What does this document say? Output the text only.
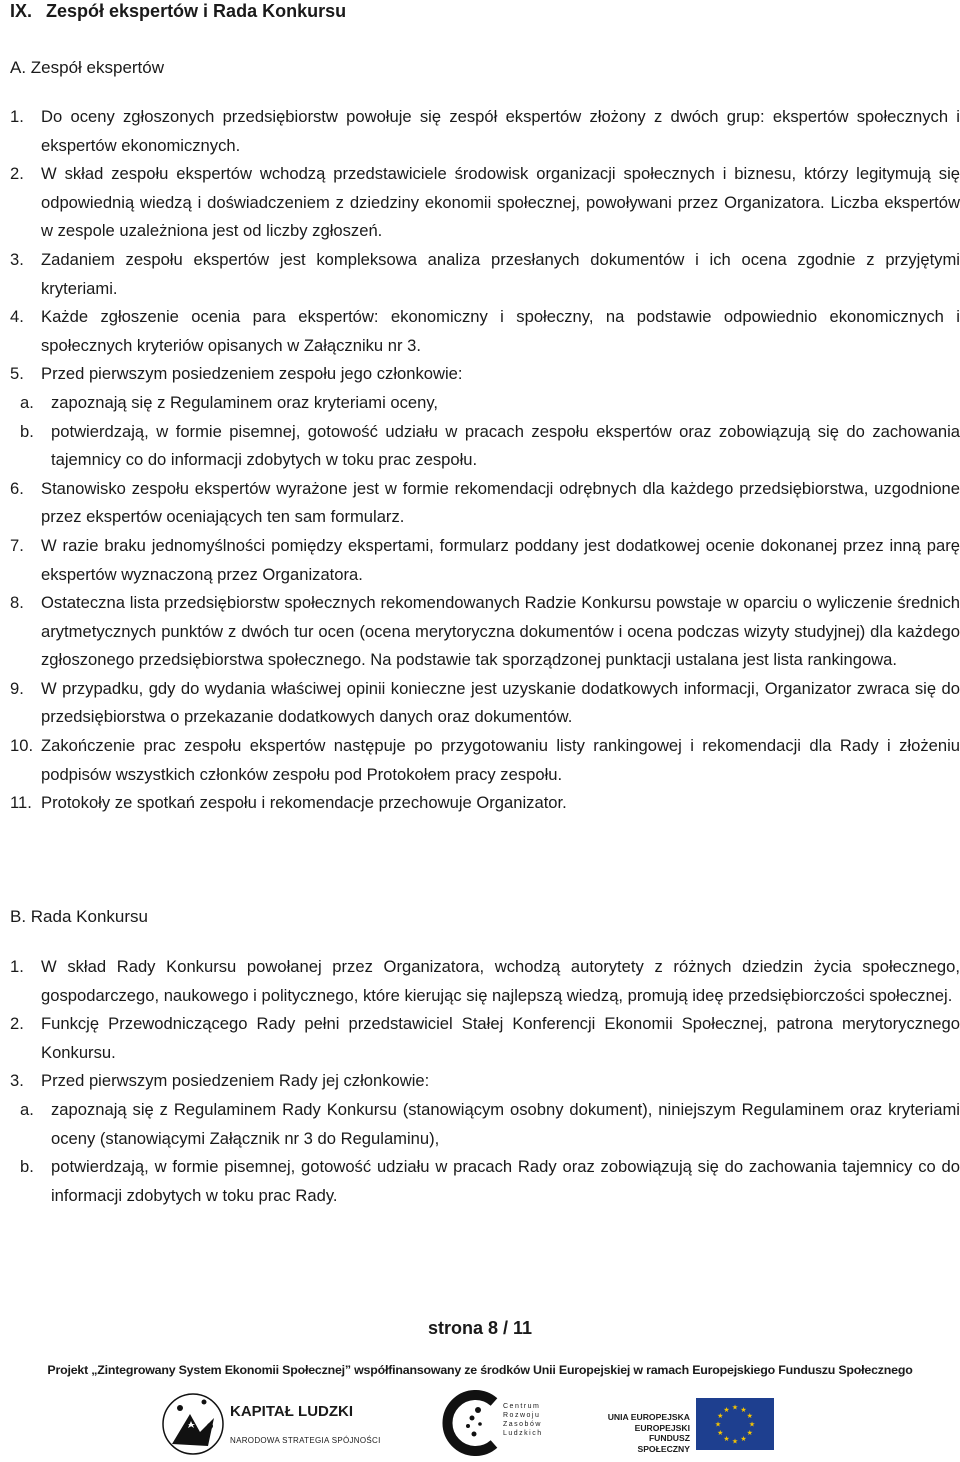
IX. Zespół ekspertów i Rada Konkursu
A. Zespół ekspertów
1. Do oceny zgłoszonych przedsiębiorstw powołuje się zespół ekspertów złożony z dwóch grup: ekspertów społecznych i ekspertów ekonomicznych.
2. W skład zespołu ekspertów wchodzą przedstawiciele środowisk organizacji społecznych i biznesu, którzy legitymują się odpowiednią wiedzą i doświadczeniem z dziedziny ekonomii społecznej, powoływani przez Organizatora. Liczba ekspertów w zespole uzależniona jest od liczby zgłoszeń.
3. Zadaniem zespołu ekspertów jest kompleksowa analiza przesłanych dokumentów i ich ocena zgodnie z przyjętymi kryteriami.
4. Każde zgłoszenie ocenia para ekspertów: ekonomiczny i społeczny, na podstawie odpowiednio ekonomicznych i społecznych kryteriów opisanych w Załączniku nr 3.
5. Przed pierwszym posiedzeniem zespołu jego członkowie:
a. zapoznają się z Regulaminem oraz kryteriami oceny,
b. potwierdzają, w formie pisemnej, gotowość udziału w pracach zespołu ekspertów oraz zobowiązują się do zachowania tajemnicy co do informacji zdobytych w toku prac zespołu.
6. Stanowisko zespołu ekspertów wyrażone jest w formie rekomendacji odrębnych dla każdego przedsiębiorstwa, uzgodnione przez ekspertów oceniających ten sam formularz.
7. W razie braku jednomyślności pomiędzy ekspertami, formularz poddany jest dodatkowej ocenie dokonanej przez inną parę ekspertów wyznaczoną przez Organizatora.
8. Ostateczna lista przedsiębiorstw społecznych rekomendowanych Radzie Konkursu powstaje w oparciu o wyliczenie średnich arytmetycznych punktów z dwóch tur ocen (ocena merytoryczna dokumentów i ocena podczas wizyty studyjnej) dla każdego zgłoszonego przedsiębiorstwa społecznego. Na podstawie tak sporządzonej punktacji ustalana jest lista rankingowa.
9. W przypadku, gdy do wydania właściwej opinii konieczne jest uzyskanie dodatkowych informacji, Organizator zwraca się do przedsiębiorstwa o przekazanie dodatkowych danych oraz dokumentów.
10. Zakończenie prac zespołu ekspertów następuje po przygotowaniu listy rankingowej i rekomendacji dla Rady i złożeniu podpisów wszystkich członków zespołu pod Protokołem pracy zespołu.
11. Protokoły ze spotkań zespołu i rekomendacje przechowuje Organizator.
B. Rada Konkursu
1. W skład Rady Konkursu powołanej przez Organizatora, wchodzą autorytety z różnych dziedzin życia społecznego, gospodarczego, naukowego i politycznego, które kierując się najlepszą wiedzą, promują ideę przedsiębiorczości społecznej.
2. Funkcję Przewodniczącego Rady pełni przedstawiciel Stałej Konferencji Ekonomii Społecznej, patrona merytorycznego Konkursu.
3. Przed pierwszym posiedzeniem Rady jej członkowie:
a. zapoznają się z Regulaminem Rady Konkursu (stanowiącym osobny dokument), niniejszym Regulaminem oraz kryteriami oceny (stanowiącymi Załącznik nr 3 do Regulaminu),
b. potwierdzają, w formie pisemnej, gotowość udziału w pracach Rady oraz zobowiązują się do zachowania tajemnicy co do informacji zdobytych w toku prac Rady.
strona 8 / 11
Projekt „Zintegrowany System Ekonomii Społecznej” współfinansowany ze środków Unii Europejskiej w ramach Europejskiego Funduszu Społecznego
KAPITAŁ LUDZKI
NARODOWA STRATEGIA SPÓJNOŚCI
Centrum
Rozwoju
Zasobów
Ludzkich
UNIA EUROPEJSKA
EUROPEJSKI
FUNDUSZ SPOŁECZNY
★
★
★
★
★
★
★
★
★ ★ ★
★
